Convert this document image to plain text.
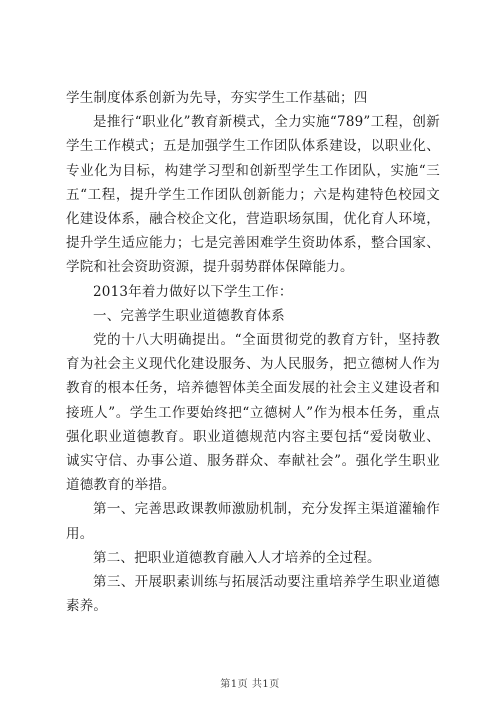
学生制度体系创新为先导，夯实学生工作基础；四

是推行“职业化”教育新模式，全力实施“789”工程，创新学生工作模式；五是加强学生工作团队体系建设，以职业化、专业化为目标，构建学习型和创新型学生工作团队，实施“三五“工程，提升学生工作团队创新能力；六是构建特色校园文化建设体系，融合校企文化，营造职场氛围，优化育人环境，提升学生适应能力；七是完善困难学生资助体系，整合国家、学院和社会资助资源，提升弱势群体保障能力。

2013年着力做好以下学生工作：

一、完善学生职业道德教育体系

党的十八大明确提出。“全面贯彻党的教育方针，坚持教育为社会主义现代化建设服务、为人民服务，把立德树人作为教育的根本任务，培养德智体美全面发展的社会主义建设者和接班人”。学生工作要始终把“立德树人”作为根本任务，重点强化职业道德教育。职业道德规范内容主要包括“爱岗敬业、诚实守信、办事公道、服务群众、奉献社会”。强化学生职业道德教育的举措。

第一、完善思政课教师激励机制，充分发挥主渠道灌输作用。

第二、把职业道德教育融入人才培养的全过程。

第三、开展职素训练与拓展活动要注重培养学生职业道德素养。

第1页 共1页
